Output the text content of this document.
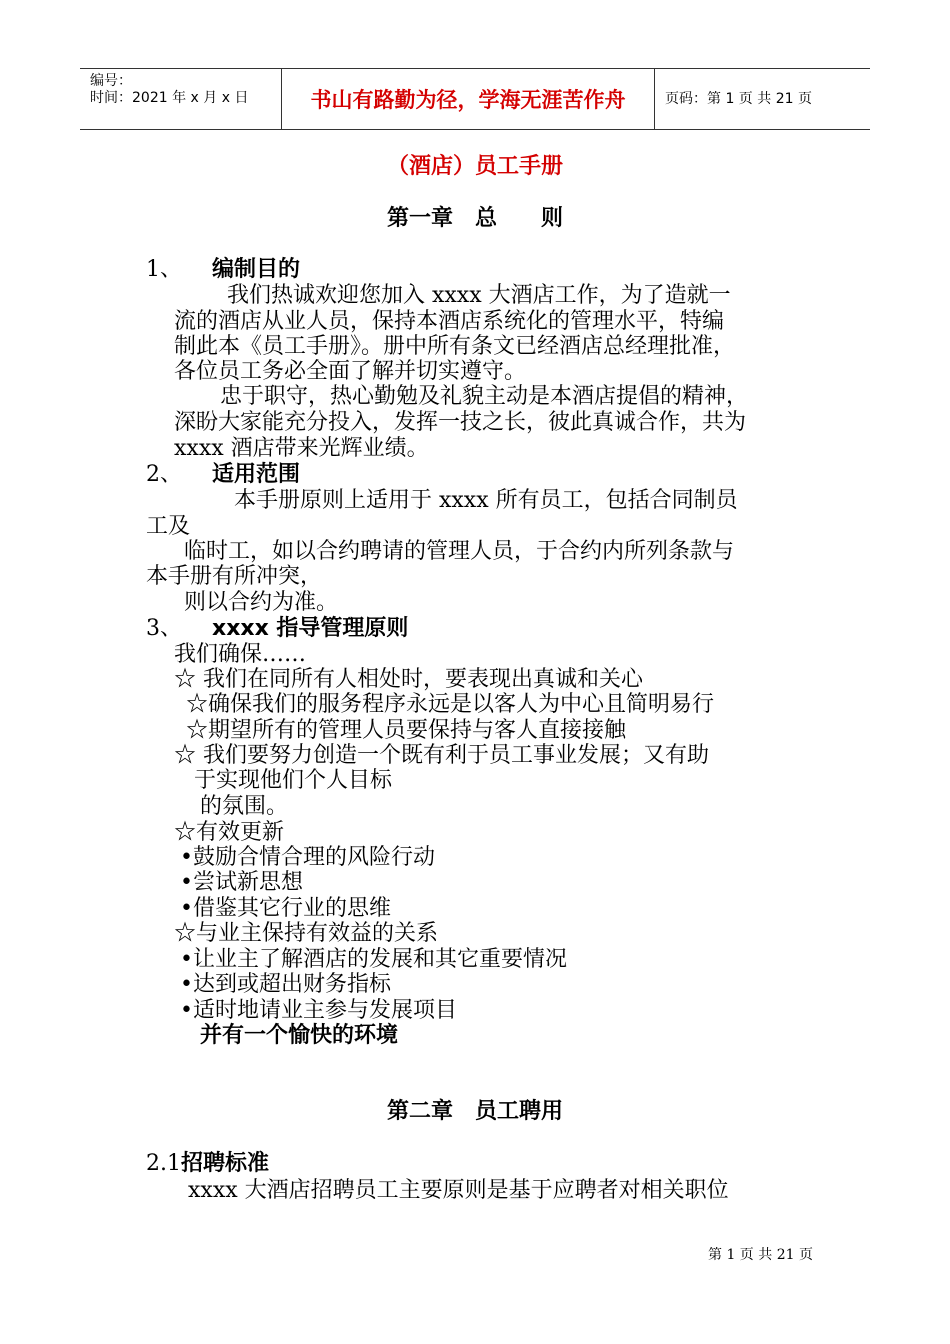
编号：
时间：2021 年 x 月 x 日	书山有路勤为径，学海无涯苦作舟	页码：第 1 页 共 21 页
（酒店）员工手册
第一章　总　　则
1、 编制目的
我们热诚欢迎您加入 xxxx 大酒店工作，为了造就一
流的酒店从业人员，保持本酒店系统化的管理水平，特编
制此本《员工手册》。册中所有条文已经酒店总经理批准，
各位员工务必全面了解并切实遵守。
忠于职守，热心勤勉及礼貌主动是本酒店提倡的精神，
深盼大家能充分投入，发挥一技之长，彼此真诚合作，共为
xxxx 酒店带来光辉业绩。
2、 适用范围
本手册原则上适用于 xxxx 所有员工，包括合同制员
工及
临时工，如以合约聘请的管理人员，于合约内所列条款与
本手册有所冲突，
则以合约为准。
3、 xxxx 指导管理原则
我们确保……
☆ 我们在同所有人相处时，要表现出真诚和关心
☆确保我们的服务程序永远是以客人为中心且简明易行
☆期望所有的管理人员要保持与客人直接接触
☆ 我们要努力创造一个既有利于员工事业发展；又有助
于实现他们个人目标
的氛围。
☆有效更新
•鼓励合情合理的风险行动
•尝试新思想
•借鉴其它行业的思维
☆与业主保持有效益的关系
•让业主了解酒店的发展和其它重要情况
•达到或超出财务指标
•适时地请业主参与发展项目
并有一个愉快的环境
第二章　员工聘用
2.1招聘标准
xxxx 大酒店招聘员工主要原则是基于应聘者对相关职位
第 1 页 共 21 页
